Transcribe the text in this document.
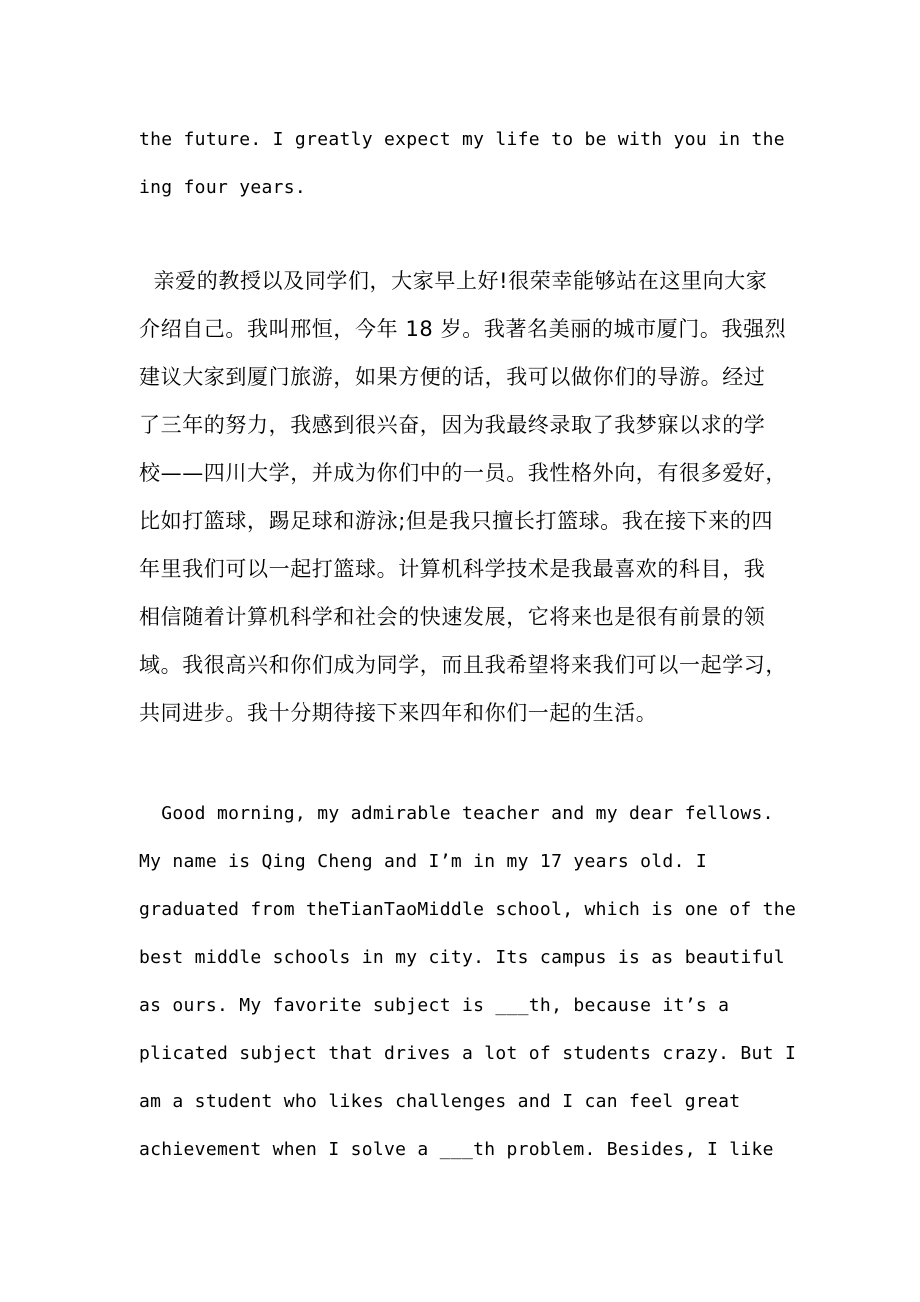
the future. I greatly expect my life to be with you in the
ing four years.
亲爱的教授以及同学们，大家早上好!很荣幸能够站在这里向大家
介绍自己。我叫邢恒，今年 18 岁。我著名美丽的城市厦门。我强烈
建议大家到厦门旅游，如果方便的话，我可以做你们的导游。经过
了三年的努力，我感到很兴奋，因为我最终录取了我梦寐以求的学
校——四川大学，并成为你们中的一员。我性格外向，有很多爱好，
比如打篮球，踢足球和游泳;但是我只擅长打篮球。我在接下来的四
年里我们可以一起打篮球。计算机科学技术是我最喜欢的科目，我
相信随着计算机科学和社会的快速发展，它将来也是很有前景的领
域。我很高兴和你们成为同学，而且我希望将来我们可以一起学习，
共同进步。我十分期待接下来四年和你们一起的生活。
Good morning, my admirable teacher and my dear fellows.
My name is Qing Cheng and I’m in my 17 years old. I
graduated from theTianTaoMiddle school, which is one of the
best middle schools in my city. Its campus is as beautiful
as ours. My favorite subject is ___th, because it’s a
plicated subject that drives a lot of students crazy. But I
am a student who likes challenges and I can feel great
achievement when I solve a ___th problem. Besides, I like
